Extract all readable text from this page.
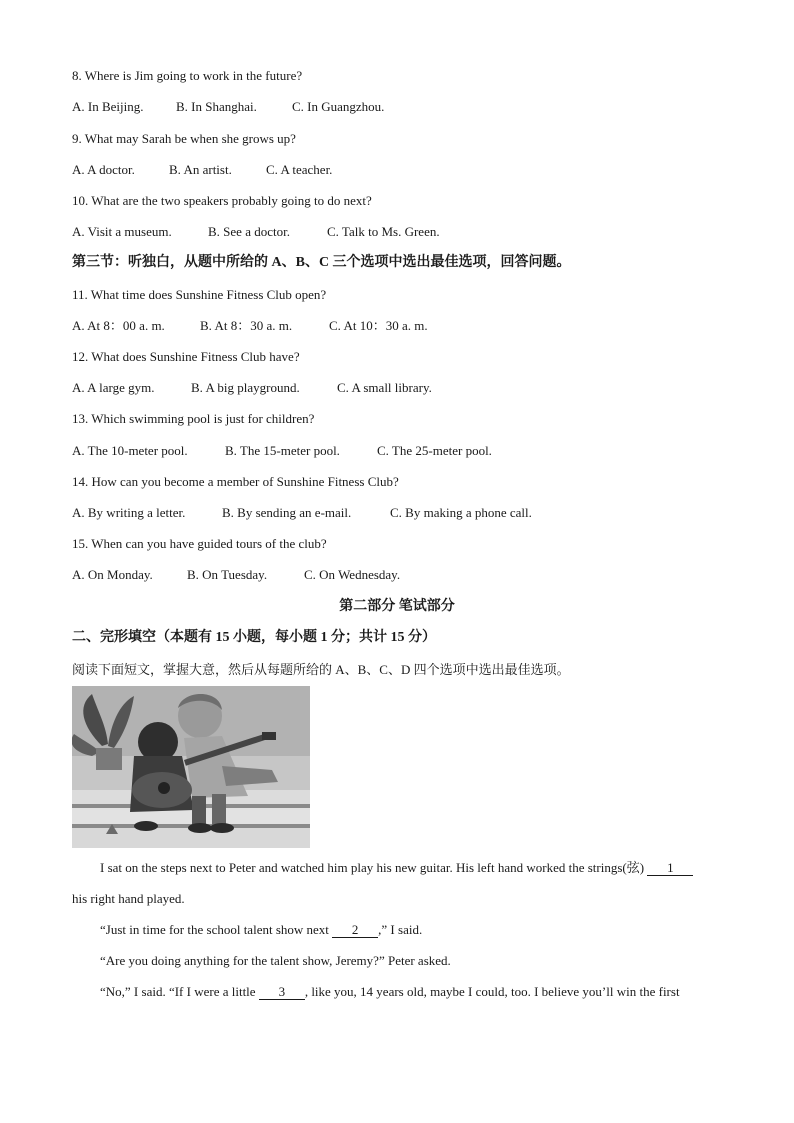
8. Where is Jim going to work in the future?
A. In Beijing.	B. In Shanghai.	C. In Guangzhou.
9. What may Sarah be when she grows up?
A. A doctor.	B. An artist.	C. A teacher.
10. What are the two speakers probably going to do next?
A. Visit a museum.	B. See a doctor.	C. Talk to Ms. Green.
第三节：听独白，从题中所给的 A、B、C 三个选项中选出最佳选项，回答问题。
11. What time does Sunshine Fitness Club open?
A. At 8：00 a. m.	B. At 8：30 a. m.	C. At 10：30 a. m.
12. What does Sunshine Fitness Club have?
A. A large gym.	B. A big playground.	C. A small library.
13. Which swimming pool is just for children?
A. The 10-meter pool.	B. The 15-meter pool.	C. The 25-meter pool.
14. How can you become a member of Sunshine Fitness Club?
A. By writing a letter.	B. By sending an e-mail.	C. By making a phone call.
15. When can you have guided tours of the club?
A. On Monday.	B. On Tuesday.	C. On Wednesday.
第二部分 笔试部分
二、完形填空（本题有 15 小题，每小题 1 分；共计 15 分）
阅读下面短文，掌握大意，然后从每题所给的 A、B、C、D 四个选项中选出最佳选项。
I sat on the steps next to Peter and watched him play his new guitar. His left hand worked the strings(弦) 1
his right hand played.
“Just in time for the school talent show next 2 ,” I said.
“Are you doing anything for the talent show, Jeremy?” Peter asked.
“No,” I said. “If I were a little 3 , like you, 14 years old, maybe I could, too. I believe you’ll win the first
